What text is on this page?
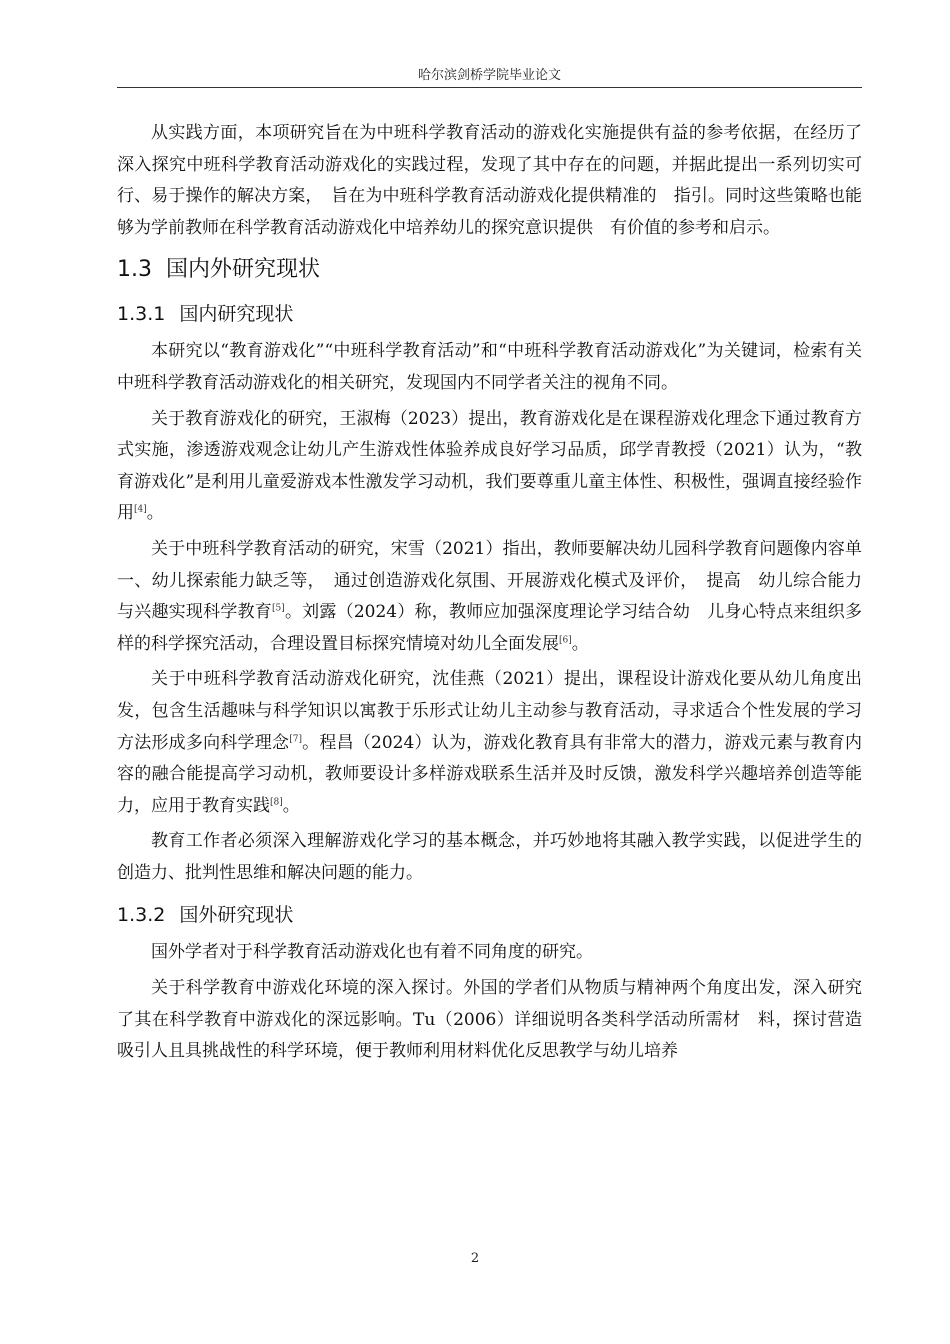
哈尔滨剑桥学院毕业论文

从实践方面，本项研究旨在为中班科学教育活动的游戏化实施提供有益的参考依据，在经历了深入探究中班科学教育活动游戏化的实践过程，发现了其中存在的问题，并据此提出一系列切实可行、易于操作的解决方案，　旨在为中班科学教育活动游戏化提供精准的　指引。同时这些策略也能够为学前教师在科学教育活动游戏化中培养幼儿的探究意识提供　有价值的参考和启示。

1.3 国内外研究现状
1.3.1 国内研究现状

本研究以“教育游戏化”“中班科学教育活动”和“中班科学教育活动游戏化”为关键词，检索有关中班科学教育活动游戏化的相关研究，发现国内不同学者关注的视角不同。

关于教育游戏化的研究，王淑梅（2023）提出，教育游戏化是在课程游戏化理念下通过教育方式实施，渗透游戏观念让幼儿产生游戏性体验养成良好学习品质，邱学青教授（2021）认为，“教育游戏化”是利用儿童爱游戏本性激发学习动机，我们要尊重儿童主体性、积极性，强调直接经验作用[4]。

关于中班科学教育活动的研究，宋雪（2021）指出，教师要解决幼儿园科学教育问题像内容单一、幼儿探索能力缺乏等，　通过创造游戏化氛围、开展游戏化模式及评价，　提高　幼儿综合能力与兴趣实现科学教育[5]。刘露（2024）称，教师应加强深度理论学习结合幼　儿身心特点来组织多样的科学探究活动，合理设置目标探究情境对幼儿全面发展[6]。

关于中班科学教育活动游戏化研究，沈佳燕（2021）提出，课程设计游戏化要从幼儿角度出发，包含生活趣味与科学知识以寓教于乐形式让幼儿主动参与教育活动，寻求适合个性发展的学习方法形成多向科学理念[7]。程昌（2024）认为，游戏化教育具有非常大的潜力，游戏元素与教育内容的融合能提高学习动机，教师要设计多样游戏联系生活并及时反馈，激发科学兴趣培养创造等能力，应用于教育实践[8]。

教育工作者必须深入理解游戏化学习的基本概念，并巧妙地将其融入教学实践，以促进学生的创造力、批判性思维和解决问题的能力。

1.3.2 国外研究现状

国外学者对于科学教育活动游戏化也有着不同角度的研究。

关于科学教育中游戏化环境的深入探讨。外国的学者们从物质与精神两个角度出发，深入研究了其在科学教育中游戏化的深远影响。Tu（2006）详细说明各类科学活动所需材　料，探讨营造吸引人且具挑战性的科学环境，便于教师利用材料优化反思教学与幼儿培养

2
